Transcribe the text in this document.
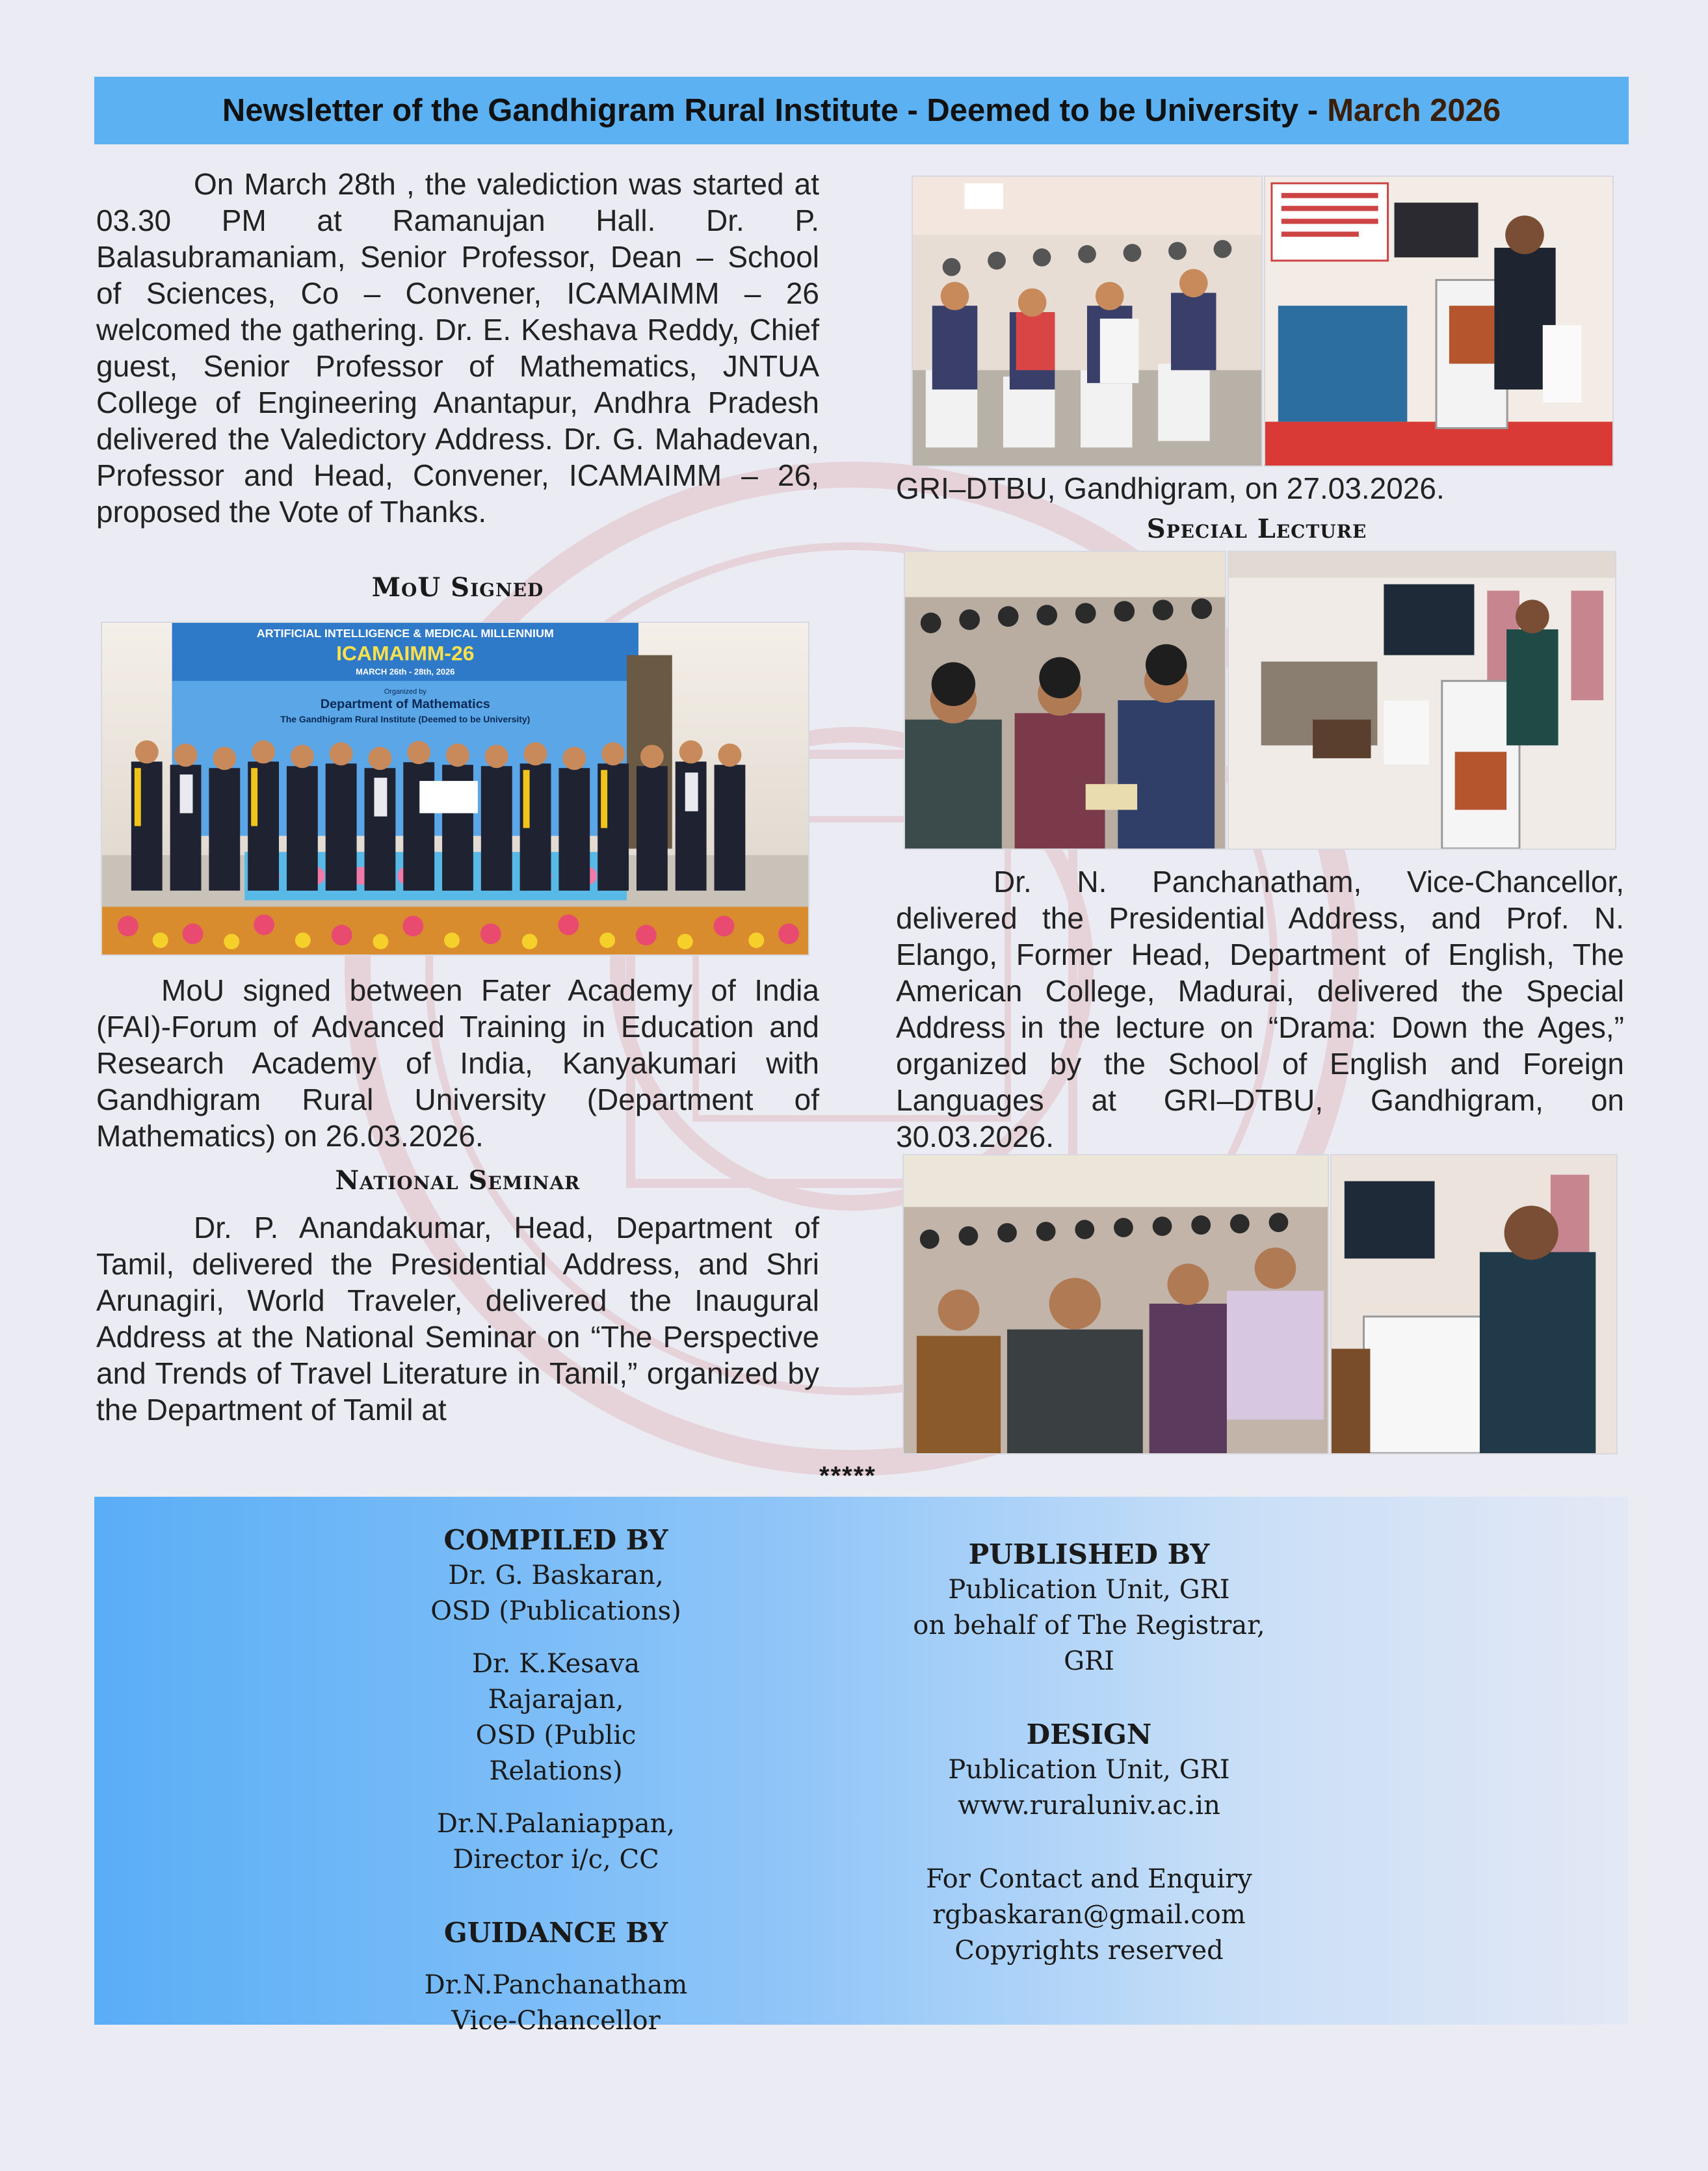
Newsletter of the Gandhigram Rural Institute - Deemed to be University - March 2026
On March 28th , the valediction was started at 03.30 PM at Ramanujan Hall. Dr. P. Balasubramaniam, Senior Professor, Dean – School of Sciences, Co – Convener, ICAMAIMM – 26 welcomed the gathering. Dr. E. Keshava Reddy, Chief guest, Senior Professor of Mathematics, JNTUA College of Engineering Anantapur, Andhra Pradesh delivered the Valedictory Address. Dr. G. Mahadevan, Professor and Head, Convener, ICAMAIMM – 26, proposed the Vote of Thanks.
MoU Signed
ARTIFICIAL INTELLIGENCE & MEDICAL MILLENNIUM
ICAMAIMM-26
MARCH 26th - 28th, 2026
Organized by
Department of Mathematics
The Gandhigram Rural Institute (Deemed to be University)
MoU signed between Fater Academy of India (FAI)-Forum of Advanced Training in Education and Research Academy of India, Kanyakumari with Gandhigram Rural University (Department of Mathematics) on 26.03.2026.
National Seminar
Dr. P. Anandakumar, Head, Department of Tamil, delivered the Presidential Address, and Shri Arunagiri, World Traveler, delivered the Inaugural Address at the National Seminar on “The Perspective and Trends of Travel Literature in Tamil,” organized by the Department of Tamil at
GRI–DTBU, Gandhigram, on 27.03.2026.
Special Lecture
Dr. N. Panchanatham, Vice-Chancellor, delivered the Presidential Address, and Prof. N. Elango, Former Head, Department of English, The American College, Madurai, delivered the Special Address in the lecture on “Drama: Down the Ages,” organized by the School of English and Foreign Languages at GRI–DTBU, Gandhigram, on 30.03.2026.
*****
COMPILED BY
Dr. G. Baskaran,
OSD (Publications)
Dr. K.Kesava Rajarajan,
OSD (Public Relations)
Dr.N.Palaniappan,
Director i/c, CC
GUIDANCE BY
Dr.N.Panchanatham
Vice-Chancellor
PUBLISHED BY
Publication Unit, GRI
on behalf of The Registrar,
GRI
DESIGN
Publication Unit, GRI
www.ruraluniv.ac.in
For Contact and Enquiry
rgbaskaran@gmail.com
Copyrights reserved
